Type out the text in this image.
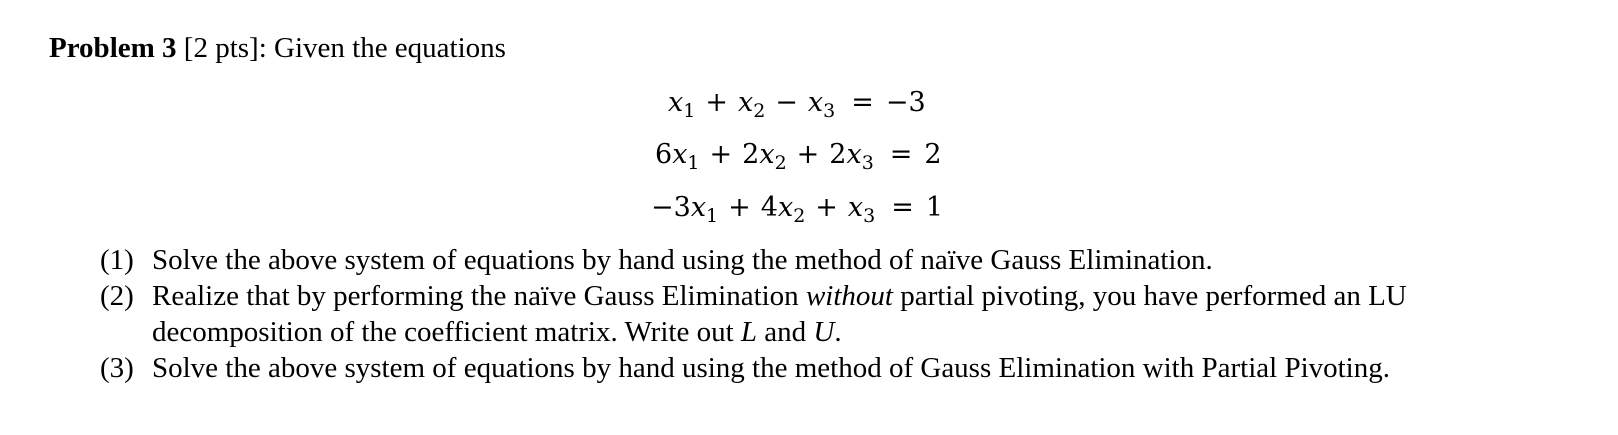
Problem 3 [2 pts]: Given the equations
$x_1 + x_2 - x_3 = -3$
$6x_1 + 2x_2 + 2x_3 = 2$
$-3x_1 + 4x_2 + x_3 = 1$
(1) Solve the above system of equations by hand using the method of naïve Gauss Elimination.
(2) Realize that by performing the naïve Gauss Elimination without partial pivoting, you have performed an LU decomposition of the coefficient matrix. Write out L and U.
(3) Solve the above system of equations by hand using the method of Gauss Elimination with Partial Pivoting.
